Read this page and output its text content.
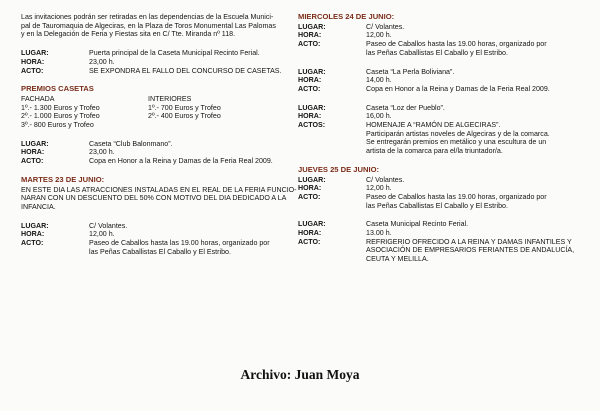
Las invitaciones podrán ser retiradas en las dependencias de la Escuela Munici-
pal de Tauromaquia de Algeciras, en la Plaza de Toros Monumental Las Palomas
y en la Delegación de Feria y Fiestas sita en C/ Tte. Miranda nº 118.
LUGAR:	Puerta principal de la Caseta Municipal Recinto Ferial.
HORA:	23,00 h.
ACTO:	SE EXPONDRA EL FALLO DEL CONCURSO DE CASETAS.
PREMIOS CASETAS
FACHADA
1º.- 1.300 Euros y Trofeo
2º.- 1.000 Euros y Trofeo
3º.- 800 Euros y Trofeo
INTERIORES
1º.- 700 Euros y Trofeo
2º.- 400 Euros y Trofeo
LUGAR:	Caseta “Club Balonmano”.
HORA:	23,00 h.
ACTO:	Copa en Honor a la Reina y Damas de la Feria Real 2009.
MARTES 23 DE JUNIO:
EN ESTE DIA LAS ATRACCIONES INSTALADAS EN EL REAL DE LA FERIA FUNCIO-
NARAN CON UN DESCUENTO DEL 50% CON MOTIVO DEL DIA DEDICADO A LA
INFANCIA.
LUGAR:	C/ Volantes.
HORA:	12,00 h.
ACTO:	Paseo de Caballos hasta las 19.00 horas, organizado por
las Peñas Caballistas El Caballo y El Estribo.
MIERCOLES 24 DE JUNIO:
LUGAR:	C/ Volantes.
HORA:	12,00 h.
ACTO:	Paseo de Caballos hasta las 19.00 horas, organizado por
las Peñas Caballistas El Caballo y El Estribo.
LUGAR:	Caseta “La Perla Boliviana”.
HORA:	14,00 h.
ACTO:	Copa en Honor a la Reina y Damas de la Feria Real 2009.
LUGAR:	Caseta “Loz der Pueblo”.
HORA:	16,00 h.
ACTOS:	HOMENAJE A “RAMÓN DE ALGECIRAS”.
Participarán artistas noveles de Algeciras y de la comarca.
Se entregarán premios en metálico y una escultura de un
artista de la comarca para el/la triuntador/a.
JUEVES 25 DE JUNIO:
LUGAR:	C/ Volantes.
HORA:	12,00 h.
ACTO:	Paseo de Caballos hasta las 19.00 horas, organizado por
las Peñas Caballistas El Caballo y El Estribo.
LUGAR:	Caseta Municipal Recinto Ferial.
HORA:	13.00 h.
ACTO:	REFRIGERIO OFRECIDO A LA REINA Y DAMAS INFANTILES Y
ASOCIACIÓN DE EMPRESARIOS FERIANTES DE ANDALUCÍA,
CEUTA Y MELILLA.
Archivo: Juan Moya
